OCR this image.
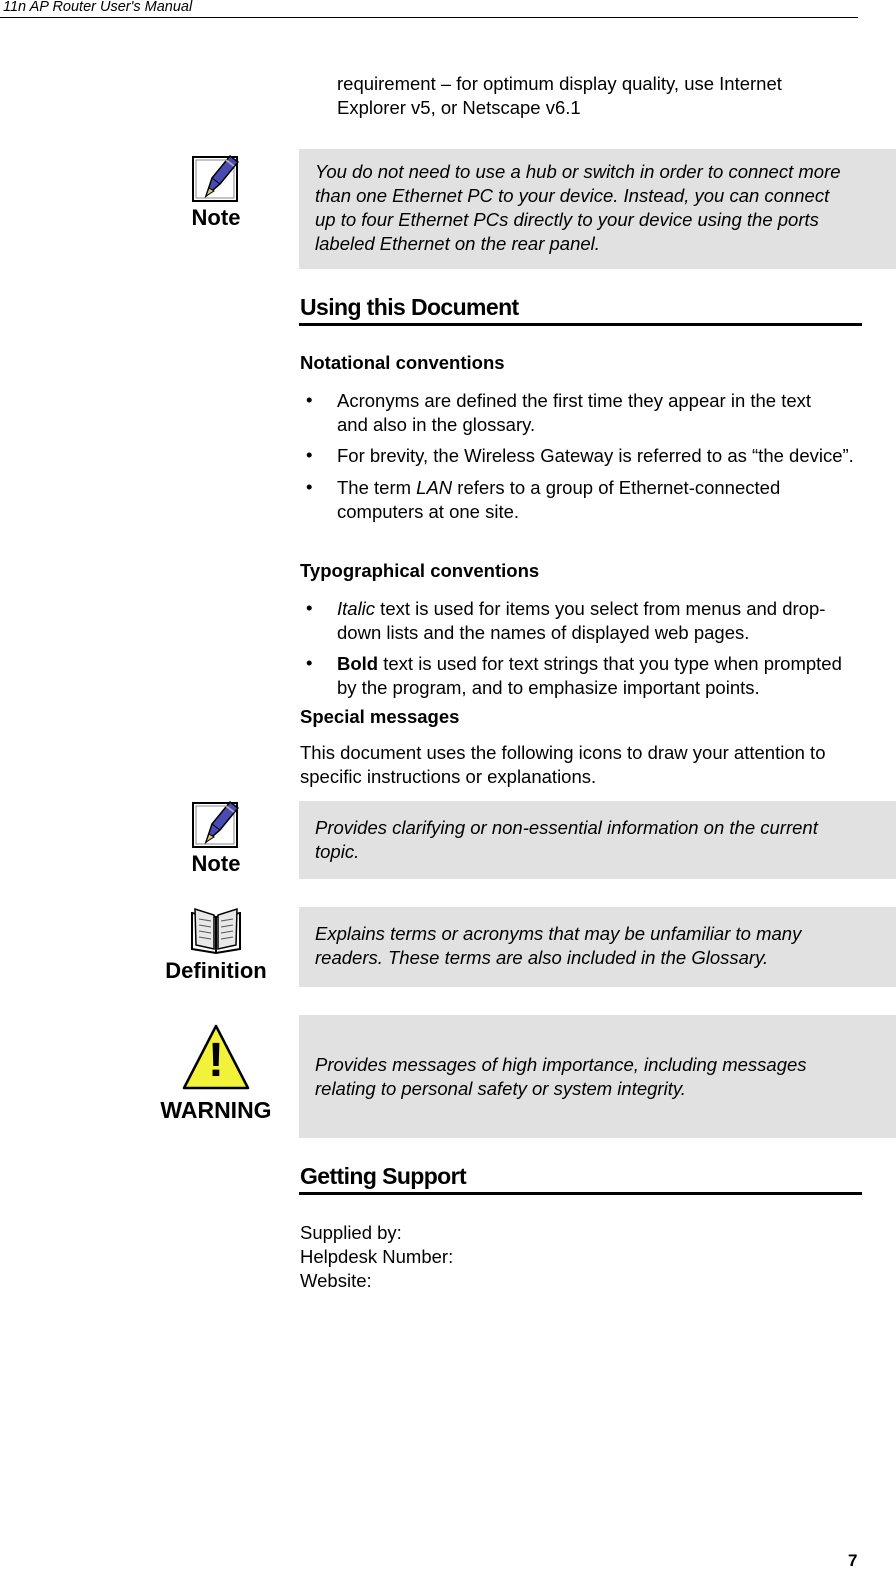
11n AP Router User's Manual
requirement – for optimum display quality, use Internet
Explorer v5, or Netscape v6.1
Note
You do not need to use a hub or switch in order to connect more
than one Ethernet PC to your device. Instead, you can connect
up to four Ethernet PCs directly to your device using the ports
labeled Ethernet on the rear panel.
Using this Document
Notational conventions
• Acronyms are defined the first time they appear in the text
and also in the glossary.
• For brevity, the Wireless Gateway is referred to as “the device”.
• The term LAN refers to a group of Ethernet-connected
computers at one site.
Typographical conventions
• Italic text is used for items you select from menus and drop-
down lists and the names of displayed web pages.
• Bold text is used for text strings that you type when prompted
by the program, and to emphasize important points.
Special messages
This document uses the following icons to draw your attention to
specific instructions or explanations.
Note
Provides clarifying or non-essential information on the current
topic.
Definition
Explains terms or acronyms that may be unfamiliar to many
readers. These terms are also included in the Glossary.
!
WARNING
Provides messages of high importance, including messages
relating to personal safety or system integrity.
Getting Support
Supplied by:
Helpdesk Number:
Website:
7
